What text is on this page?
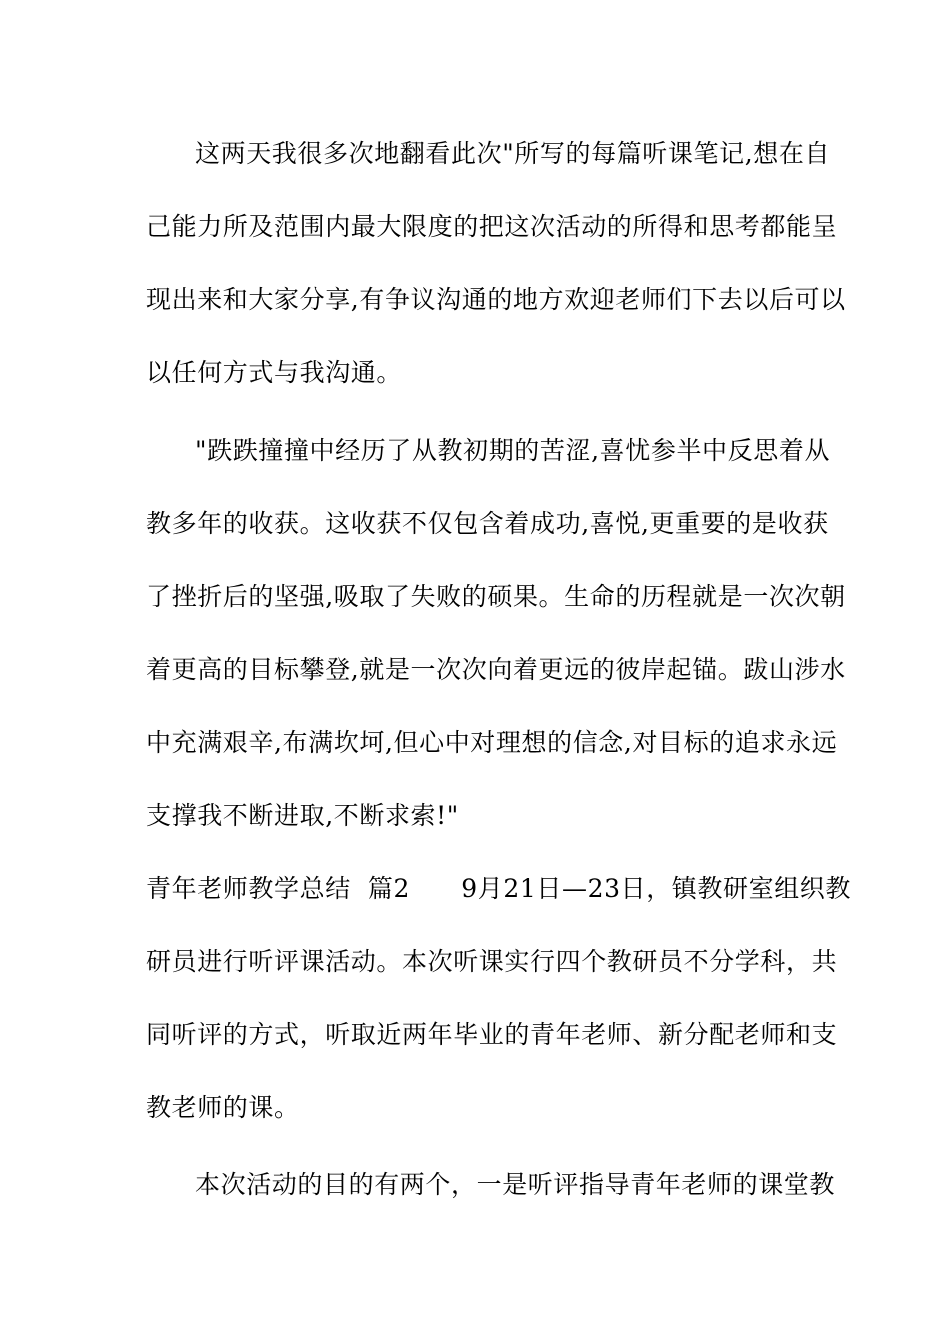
这两天我很多次地翻看此次"所写的每篇听课笔记,想在自
己能力所及范围内最大限度的把这次活动的所得和思考都能呈
现出来和大家分享,有争议沟通的地方欢迎老师们下去以后可以
以任何方式与我沟通。
"跌跌撞撞中经历了从教初期的苦涩,喜忧参半中反思着从
教多年的收获。这收获不仅包含着成功,喜悦,更重要的是收获
了挫折后的坚强,吸取了失败的硕果。生命的历程就是一次次朝
着更高的目标攀登,就是一次次向着更远的彼岸起锚。跋山涉水
中充满艰辛,布满坎坷,但心中对理想的信念,对目标的追求永远
支撑我不断进取,不断求索!"
青年老师教学总结  篇2      9月21日—23日，镇教研室组织教
研员进行听评课活动。本次听课实行四个教研员不分学科，共
同听评的方式，听取近两年毕业的青年老师、新分配老师和支
教老师的课。
本次活动的目的有两个，一是听评指导青年老师的课堂教
